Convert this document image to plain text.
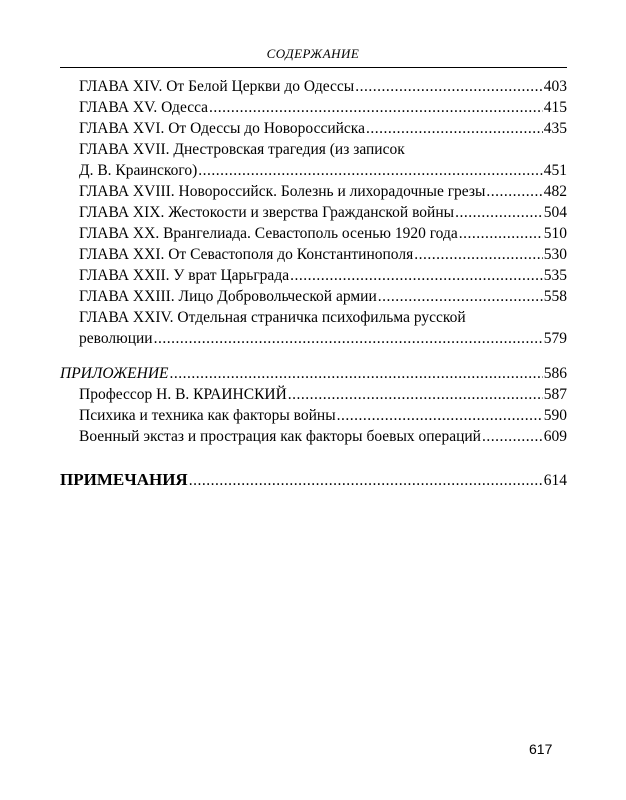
СОДЕРЖАНИЕ
ГЛАВА XIV. От Белой Церкви до Одессы .....	403
ГЛАВА XV. Одесса .....	415
ГЛАВА XVI. От Одессы до Новороссийска .....	435
ГЛАВА XVII. Днестровская трагедия (из записок
Д. В. Краинского) .....	451
ГЛАВА XVIII. Новороссийск. Болезнь и лихорадочные грезы .....	482
ГЛАВА XIX. Жестокости и зверства Гражданской войны .....	504
ГЛАВА XX. Врангелиада. Севастополь осенью 1920 года .....	510
ГЛАВА XXI. От Севастополя до Константинополя .....	530
ГЛАВА XXII. У врат Царьграда .....	535
ГЛАВА XXIII. Лицо Добровольческой армии .....	558
ГЛАВА XXIV. Отдельная страничка психофильма русской
революции .....	579
ПРИЛОЖЕНИЕ .....	586
Профессор Н. В. КРАИНСКИЙ .....	587
Психика и техника как факторы войны .....	590
Военный экстаз и прострация как факторы боевых операций .....	609
ПРИМЕЧАНИЯ .....	614
617
